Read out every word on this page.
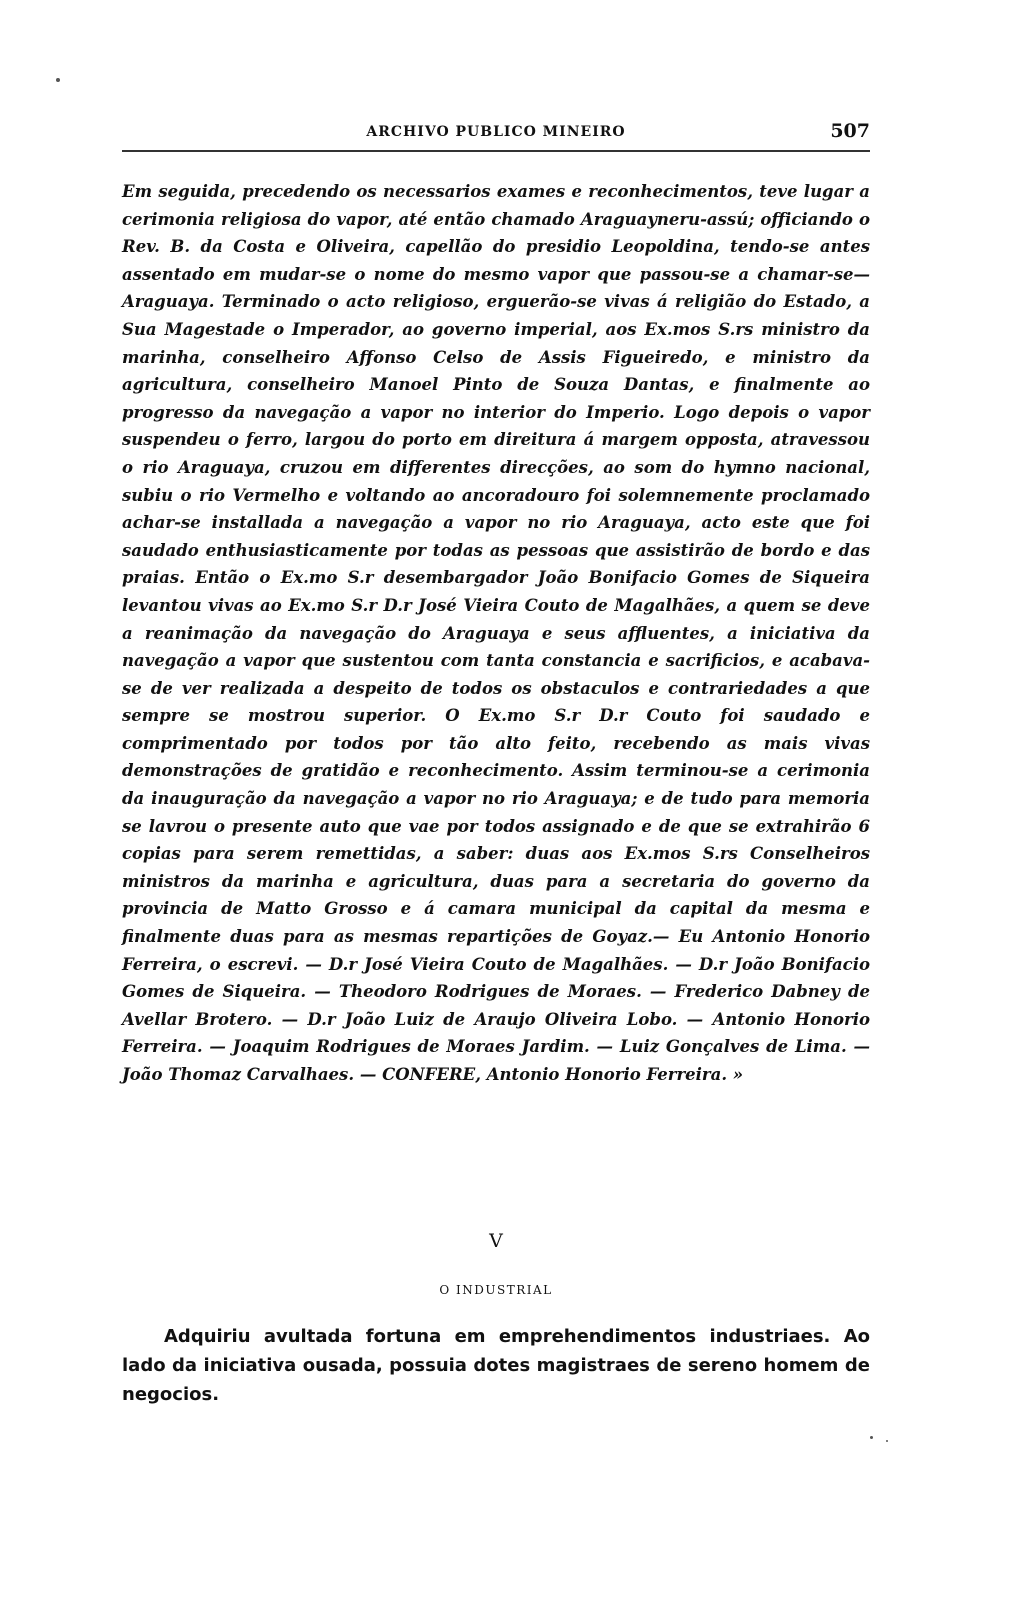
ARCHIVO PUBLICO MINEIRO	507

Em seguida, precedendo os necessarios exames e reconhecimentos, teve lugar a cerimonia religiosa do vapor, até então chamado Araguayneru-assú; officiando o Rev. B. da Costa e Oliveira, capellão do presidio Leopoldina, tendo-se antes assentado em mudar-se o nome do mesmo vapor que passou-se a chamar-se—Araguaya. Terminado o acto religioso, erguerão-se vivas á religião do Estado, a Sua Magestade o Imperador, ao governo imperial, aos Ex.mos S.rs ministro da marinha, conselheiro Affonso Celso de Assis Figueiredo, e ministro da agricultura, conselheiro Manoel Pinto de Souza Dantas, e finalmente ao progresso da navegação a vapor no interior do Imperio. Logo depois o vapor suspendeu o ferro, largou do porto em direitura á margem opposta, atravessou o rio Araguaya, cruzou em differentes direcções, ao som do hymno nacional, subiu o rio Vermelho e voltando ao ancoradouro foi solemnemente proclamado achar-se installada a navegação a vapor no rio Araguaya, acto este que foi saudado enthusiasticamente por todas as pessoas que assistirão de bordo e das praias. Então o Ex.mo S.r desembargador João Bonifacio Gomes de Siqueira levantou vivas ao Ex.mo S.r D.r José Vieira Couto de Magalhães, a quem se deve a reanimação da navegação do Araguaya e seus affluentes, a iniciativa da navegação a vapor que sustentou com tanta constancia e sacrificios, e acabava-se de ver realizada a despeito de todos os obstaculos e contrariedades a que sempre se mostrou superior. O Ex.mo S.r D.r Couto foi saudado e comprimentado por todos por tão alto feito, recebendo as mais vivas demonstrações de gratidão e reconhecimento. Assim terminou-se a cerimonia da inauguração da navegação a vapor no rio Araguaya; e de tudo para memoria se lavrou o presente auto que vae por todos assignado e de que se extrahirão 6 copias para serem remettidas, a saber: duas aos Ex.mos S.rs Conselheiros ministros da marinha e agricultura, duas para a secretaria do governo da provincia de Matto Grosso e á camara municipal da capital da mesma e finalmente duas para as mesmas repartições de Goyaz.— Eu Antonio Honorio Ferreira, o escrevi. — D.r José Vieira Couto de Magalhães. — D.r João Bonifacio Gomes de Siqueira. — Theodoro Rodrigues de Moraes. — Frederico Dabney de Avellar Brotero. — D.r João Luiz de Araujo Oliveira Lobo. — Antonio Honorio Ferreira. — Joaquim Rodrigues de Moraes Jardim. — Luiz Gonçalves de Lima. — João Thomaz Carvalhaes. — CONFERE, Antonio Honorio Ferreira. »

V
O INDUSTRIAL

Adquiriu avultada fortuna em emprehendimentos industriaes. Ao lado da iniciativa ousada, possuia dotes magistraes de sereno homem de negocios.
